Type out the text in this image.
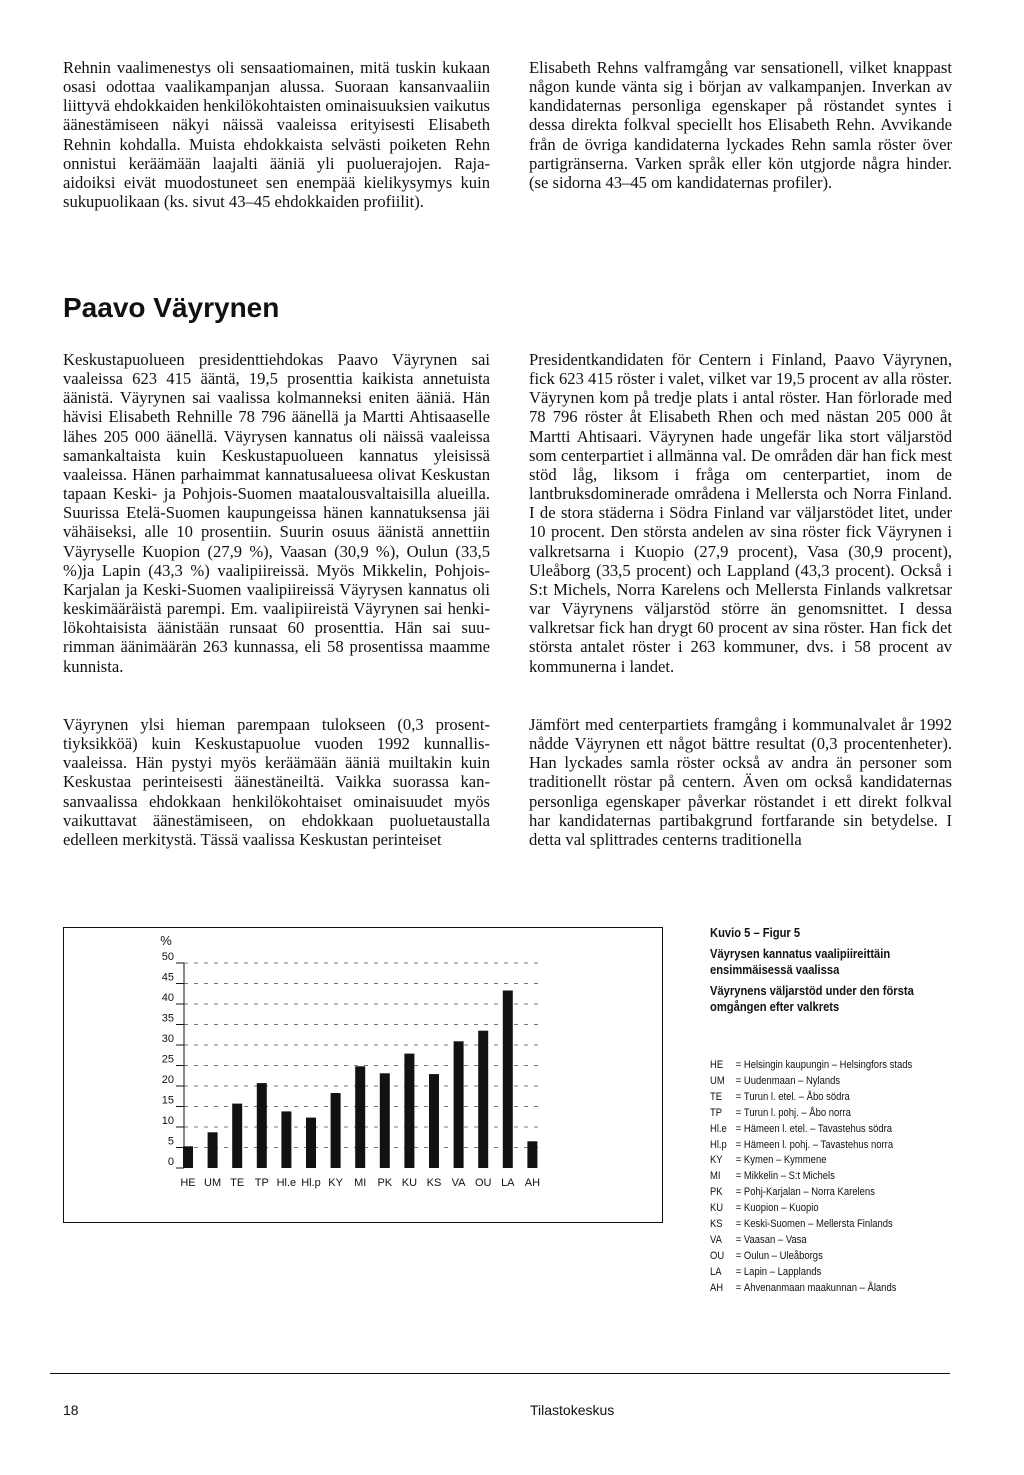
Rehnin vaalimenestys oli sensaatiomainen, mitä tuskin kukaan osasi odottaa vaalikampanjan alussa. Suoraan kansanvaaliin liittyvä ehdokkaiden henkilökohtaisten ominaisuuksien vaikutus äänestämiseen näkyi näissä vaaleissa erityisesti Elisabeth Rehnin kohdalla. Muista ehdokkaista selvästi poiketen Rehn onnistui keräämään laajalti ääniä yli puoluerajojen. Raja-aidoiksi eivät muodostuneet sen enempää kielikysymys kuin sukupuolikaan (ks. sivut 43–45 ehdokkaiden profiilit).

Elisabeth Rehns valframgång var sensationell, vilket knappast någon kunde vänta sig i början av valkampanjen. Inverkan av kandidaternas personliga egenskaper på röstandet syntes i dessa direkta folkval speciellt hos Elisabeth Rehn. Avvikande från de övriga kandidaterna lyckades Rehn samla röster över partigränserna. Varken språk eller kön utgjorde några hinder. (se sidorna 43–45 om kandidaternas profiler).

Paavo Väyrynen

Keskustapuolueen presidenttiehdokas Paavo Väyrynen sai vaaleissa 623 415 ääntä, 19,5 prosenttia kaikista annetuista äänistä. Väyrynen sai vaalissa kolmanneksi eniten ääniä. Hän hävisi Elisabeth Rehnille 78 796 äänellä ja Martti Ahtisaaselle lähes 205 000 äänellä. Väyrysen kannatus oli näissä vaaleissa samankaltaista kuin Keskustapuolueen kannatus yleisissä vaaleissa. Hänen parhaimmat kannatusalueesa olivat Keskustan tapaan Keski- ja Pohjois-Suomen maatalousvaltaisilla alueilla. Suurissa Etelä-Suomen kaupungeissa hänen kannatuksensa jäi vähäiseksi, alle 10 prosentiin. Suurin osuus äänistä annettiin Väyryselle Kuopion (27,9 %), Vaasan (30,9 %), Oulun (33,5 %)ja Lapin (43,3 %) vaalipiireissä. Myös Mikkelin, Pohjois-Karjalan ja Keski-Suomen vaalipiireissä Väyrysen kannatus oli keskimääräistä parempi. Em. vaalipiireistä Väyrynen sai henkilökohtaisista äänistään runsaat 60 prosenttia. Hän sai suurimman äänimäärän 263 kunnassa, eli 58 prosentissa maamme kunnista.

Väyrynen ylsi hieman parempaan tulokseen (0,3 prosenttiyksikköä) kuin Keskustapuolue vuoden 1992 kunnallisvaaleissa. Hän pystyi myös keräämään ääniä muiltakin kuin Keskustaa perinteisesti äänestäneiltä. Vaikka suorassa kansanvaalissa ehdokkaan henkilökohtaiset ominaisuudet myös vaikuttavat äänestämiseen, on ehdokkaan puoluetaustalla edelleen merkitystä. Tässä vaalissa Keskustan perinteiset

Presidentkandidaten för Centern i Finland, Paavo Väyrynen, fick 623 415 röster i valet, vilket var 19,5 procent av alla röster. Väyrynen kom på tredje plats i antal röster. Han förlorade med 78 796 röster åt Elisabeth Rhen och med nästan 205 000 åt Martti Ahtisaari. Väyrynen hade ungefär lika stort väljarstöd som centerpartiet i allmänna val. De områden där han fick mest stöd låg, liksom i fråga om centerpartiet, inom de lantbruksdominerade områdena i Mellersta och Norra Finland. I de stora städerna i Södra Finland var väljarstödet litet, under 10 procent. Den största andelen av sina röster fick Väyrynen i valkretsarna i Kuopio (27,9 procent), Vasa (30,9 procent), Uleåborg (33,5 procent) och Lappland (43,3 procent). Också i S:t Michels, Norra Karelens och Mellersta Finlands valkretsar var Väyrynens väljarstöd större än genomsnittet. I dessa valkretsar fick han drygt 60 procent av sina röster. Han fick det största antalet röster i 263 kommuner, dvs. i 58 procent av kommunerna i landet.

Jämfört med centerpartiets framgång i kommunalvalet år 1992 nådde Väyrynen ett något bättre resultat (0,3 procentenheter). Han lyckades samla röster också av andra än personer som traditionellt röstar på centern. Även om också kandidaternas personliga egenskaper påverkar röstandet i ett direkt folkval har kandidaternas partibakgrund fortfarande sin betydelse. I detta val splittrades centerns traditionella

0
5
10
15
20
25
30
35
40
45
50
%
HE UM TE TP Hl.e Hl.p KY MI PK KU KS VA OU LA AH

Kuvio 5 – Figur 5

Väyrysen kannatus vaalipiireittäin ensimmäisessä vaalissa

Väyrynens väljarstöd under den första omgången efter valkrets

HE	= Helsingin kaupungin – Helsingfors stads
UM	= Uudenmaan – Nylands
TE	= Turun l. etel. – Åbo södra
TP	= Turun l. pohj. – Åbo norra
Hl.e = Hämeen l. etel. – Tavastehus södra
Hl.p = Hämeen l. pohj. – Tavastehus norra
KY	= Kymen – Kymmene
MI	= Mikkelin – S:t Michels
PK	= Pohj-Karjalan – Norra Karelens
KU	= Kuopion – Kuopio
KS	= Keski-Suomen – Mellersta Finlands
VA	= Vaasan – Vasa
OU	= Oulun – Uleåborgs
LA	= Lapin – Lapplands
AH	= Ahvenanmaan maakunnan – Ålands
18	Tilastokeskus
